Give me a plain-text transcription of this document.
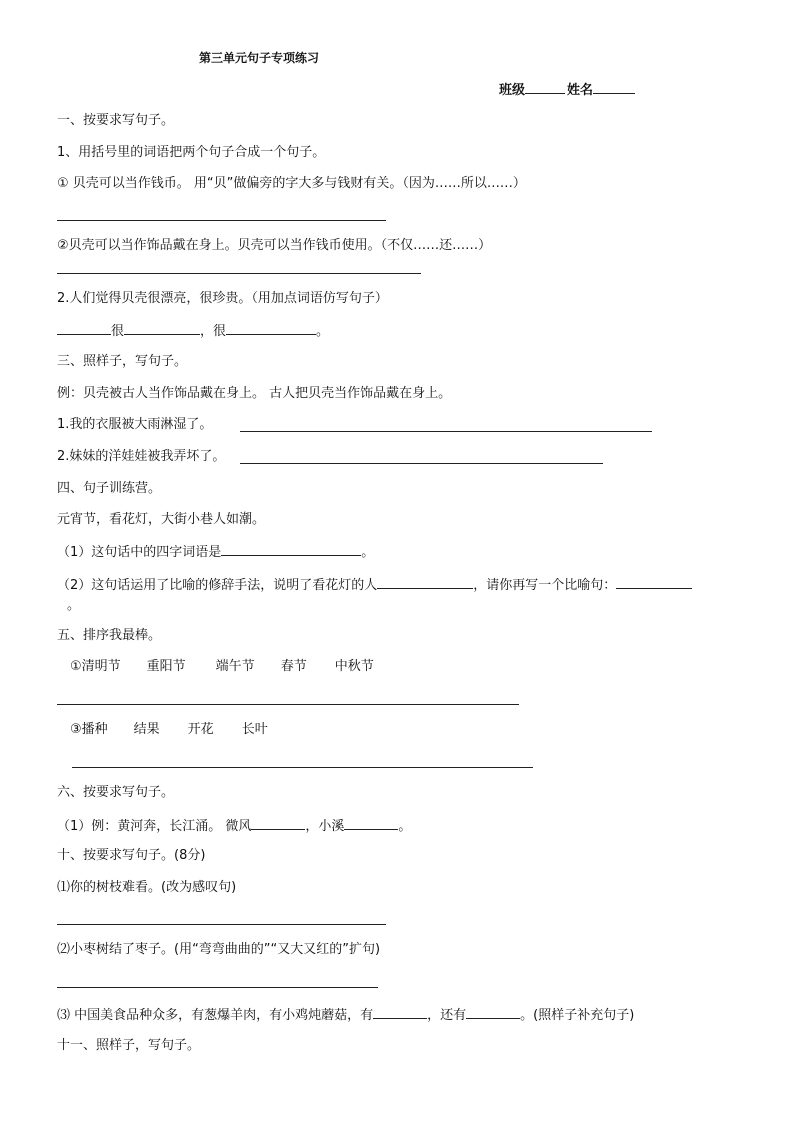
第三单元句子专项练习
班级	姓名
一、按要求写句子。
1、用括号里的词语把两个句子合成一个句子。
① 贝壳可以当作钱币。 用“贝”做偏旁的字大多与钱财有关。（因为……所以……）
②贝壳可以当作饰品戴在身上。贝壳可以当作钱币使用。（不仅……还……）
2.人们觉得贝壳很漂亮，很珍贵。（用加点词语仿写句子）
很	，很	。
三、照样子，写句子。
例：贝壳被古人当作饰品戴在身上。 古人把贝壳当作饰品戴在身上。
1.我的衣服被大雨淋湿了。
2.妹妹的洋娃娃被我弄坏了。
四、句子训练营。
元宵节，看花灯，大街小巷人如潮。
（1）这句话中的四字词语是	。
（2）这句话运用了比喻的修辞手法，说明了看花灯的人	，请你再写一个比喻句：
。
五、排序我最棒。
①清明节 重阳节 端午节 春节 中秋节
③播种 结果 开花 长叶
六、按要求写句子。
（1）例：黄河奔，长江涌。 微风	，小溪	。
十、按要求写句子。(8分)
⑴你的树枝难看。(改为感叹句)
⑵小枣树结了枣子。(用“弯弯曲曲的”“又大又红的”扩句)
⑶ 中国美食品种众多，有葱爆羊肉，有小鸡炖蘑菇，有	，还有	。(照样子补充句子)
十一、照样子，写句子。
